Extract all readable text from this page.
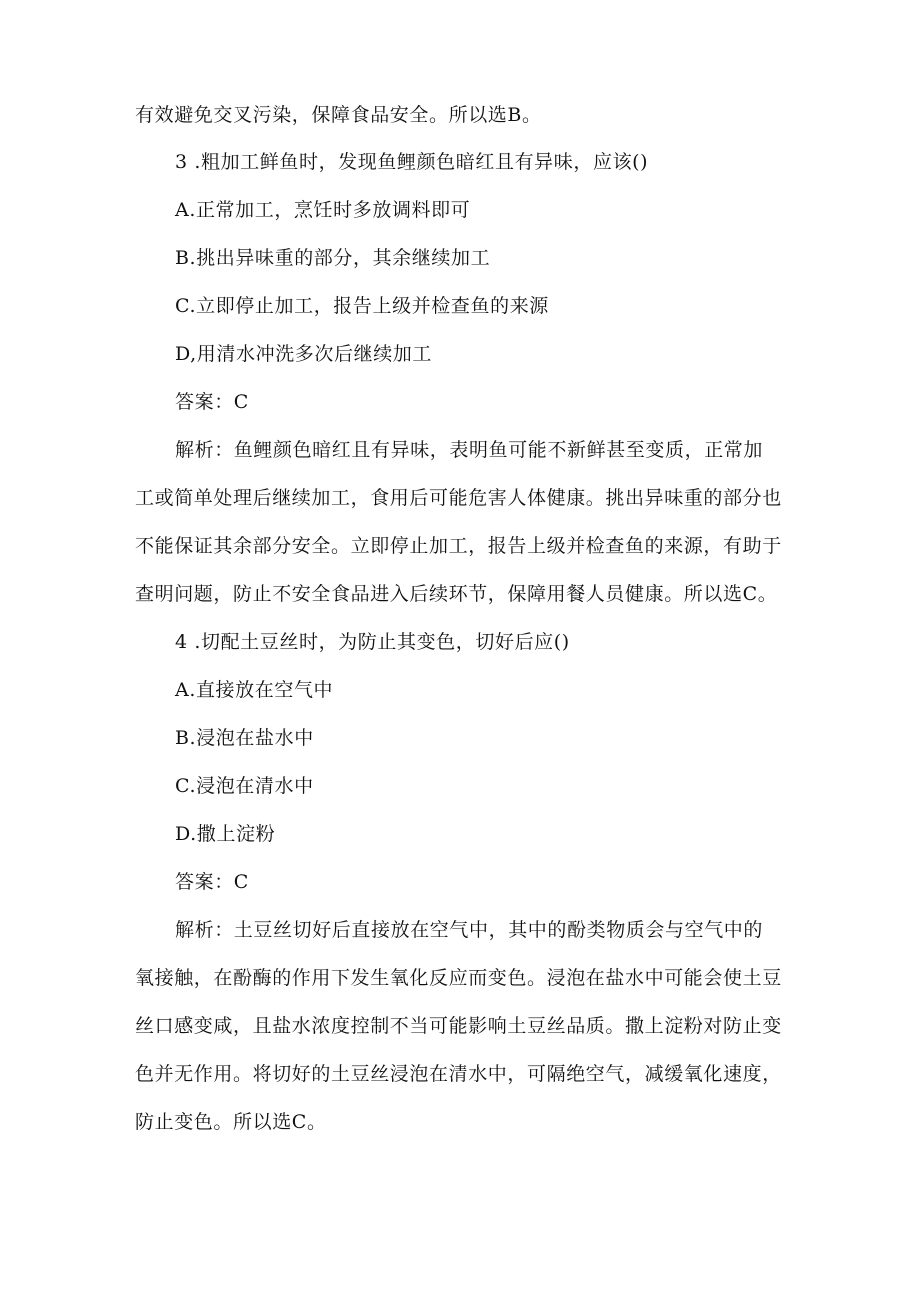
有效避免交叉污染，保障食品安全。所以选B。
3 .粗加工鲜鱼时，发现鱼鲤颜色暗红且有异味，应该()
A.正常加工，烹饪时多放调料即可
B.挑出异味重的部分，其余继续加工
C.立即停止加工，报告上级并检查鱼的来源
D,用清水冲洗多次后继续加工
答案：C
解析：鱼鲤颜色暗红且有异味，表明鱼可能不新鲜甚至变质，正常加
工或简单处理后继续加工，食用后可能危害人体健康。挑出异味重的部分也
不能保证其余部分安全。立即停止加工，报告上级并检查鱼的来源，有助于
查明问题，防止不安全食品进入后续环节，保障用餐人员健康。所以选C。
4 .切配土豆丝时，为防止其变色，切好后应()
A.直接放在空气中
B.浸泡在盐水中
C.浸泡在清水中
D.撒上淀粉
答案：C
解析：土豆丝切好后直接放在空气中，其中的酚类物质会与空气中的
氧接触，在酚酶的作用下发生氧化反应而变色。浸泡在盐水中可能会使土豆
丝口感变咸，且盐水浓度控制不当可能影响土豆丝品质。撒上淀粉对防止变
色并无作用。将切好的土豆丝浸泡在清水中，可隔绝空气，减缓氧化速度，
防止变色。所以选C。
